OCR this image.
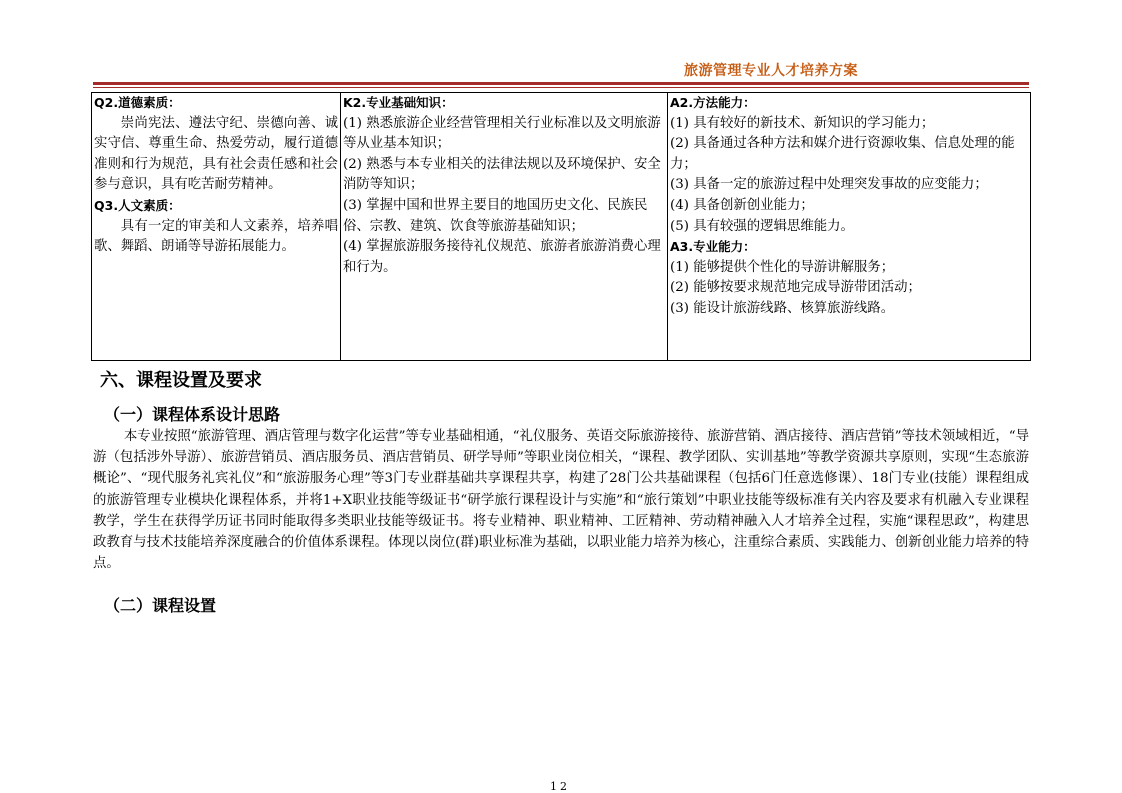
旅游管理专业人才培养方案
Q2.道德素质：
崇尚宪法、遵法守纪、崇德向善、诚实守信、尊重生命、热爱劳动，履行道德准则和行为规范，具有社会责任感和社会参与意识，具有吃苦耐劳精神。
Q3.人文素质：
具有一定的审美和人文素养，培养唱歌、舞蹈、朗诵等导游拓展能力。
K2.专业基础知识：
(1) 熟悉旅游企业经营管理相关行业标准以及文明旅游等从业基本知识；
(2) 熟悉与本专业相关的法律法规以及环境保护、安全消防等知识；
(3) 掌握中国和世界主要目的地国历史文化、民族民俗、宗教、建筑、饮食等旅游基础知识；
(4) 掌握旅游服务接待礼仪规范、旅游者旅游消费心理和行为。
A2.方法能力：
(1) 具有较好的新技术、新知识的学习能力；
(2) 具备通过各种方法和媒介进行资源收集、信息处理的能力；
(3) 具备一定的旅游过程中处理突发事故的应变能力；
(4) 具备创新创业能力；
(5) 具有较强的逻辑思维能力。
A3.专业能力：
(1) 能够提供个性化的导游讲解服务；
(2) 能够按要求规范地完成导游带团活动；
(3) 能设计旅游线路、核算旅游线路。
六、课程设置及要求
（一）课程体系设计思路
本专业按照“旅游管理、酒店管理与数字化运营”等专业基础相通，“礼仪服务、英语交际旅游接待、旅游营销、酒店接待、酒店营销”等技术领域相近，“导游（包括涉外导游）、旅游营销员、酒店服务员、酒店营销员、研学导师”等职业岗位相关，“课程、教学团队、实训基地”等教学资源共享原则，实现“生态旅游概论”、“现代服务礼宾礼仪”和“旅游服务心理”等3门专业群基础共享课程共享，构建了28门公共基础课程（包括6门任意选修课）、18门专业(技能）课程组成的旅游管理专业模块化课程体系，并将1+X职业技能等级证书“研学旅行课程设计与实施”和“旅行策划”中职业技能等级标准有关内容及要求有机融入专业课程教学，学生在获得学历证书同时能取得多类职业技能等级证书。将专业精神、职业精神、工匠精神、劳动精神融入人才培养全过程，实施“课程思政”，构建思政教育与技术技能培养深度融合的价值体系课程。体现以岗位(群)职业标准为基础，以职业能力培养为核心，注重综合素质、实践能力、创新创业能力培养的特点。
（二）课程设置
12
